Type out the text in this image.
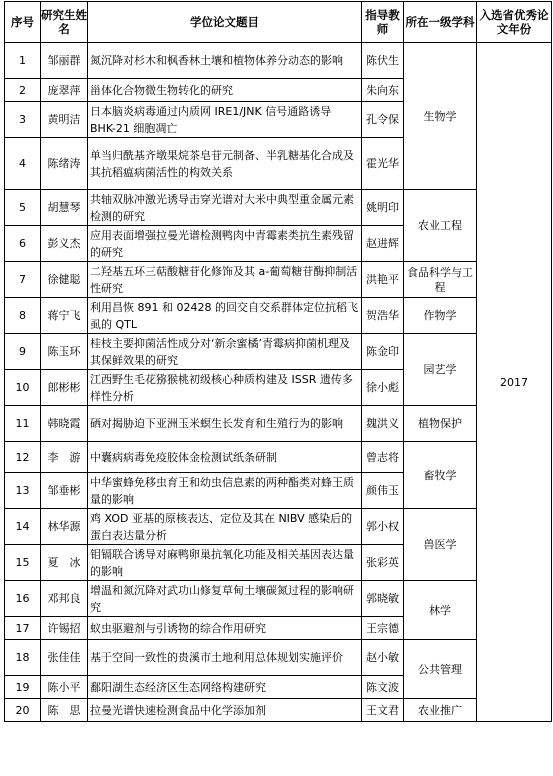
序号	研究生姓名	学位论文题目	指导教师	所在一级学科	入选省优秀论文年份
1	邹丽群	氮沉降对杉木和枫香林土壤和植物体养分动态的影响	陈伏生	生物学	2017
2	庞翠萍	甾体化合物微生物转化的研究	朱向东		
3	黄明洁	日本脑炎病毒通过内质网 IRE1/JNK 信号通路诱导 BHK-21 细胞凋亡	孔令保		
4	陈绪涛	单当归酰基齐墩果烷茶皂苷元制备、半乳糖基化合成及其抗稻瘟病菌活性的构效关系	霍光华		
5	胡慧琴	共轴双脉冲激光诱导击穿光谱对大米中典型重金属元素检测的研究	姚明印	农业工程	
6	彭义杰	应用表面增强拉曼光谱检测鸭肉中青霉素类抗生素残留的研究	赵进辉		
7	徐健聪	二羟基五环三萜酸糖苷化修饰及其 a-葡萄糖苷酶抑制活性研究	洪艳平	食品科学与工程	
8	蒋宁飞	利用昌恢 891 和 02428 的回交自交系群体定位抗稻飞虱的 QTL	贺浩华	作物学	
9	陈玉环	桂枝主要抑菌活性成分对‘新余蜜橘’青霉病抑菌机理及其保鲜效果的研究	陈金印	园艺学	
10	郎彬彬	江西野生毛花猕猴桃初级核心种质构建及 ISSR 遗传多样性分析	徐小彪		
11	韩晓霞	硒对揭胁迫下亚洲玉米螟生长发育和生殖行为的影响	魏洪义	植物保护	
12	李　游	中囊病病毒免疫胶体金检测试纸条研制	曾志将	畜牧学	
13	邹垂彬	中华蜜蜂免移虫育王和幼虫信息素的两种酯类对蜂王质量的影响	颜伟玉		
14	林华源	鸡 XOD 亚基的原核表达、定位及其在 NIBV 感染后的蛋白表达量分析	郭小权	兽医学	
15	夏　冰	钼镉联合诱导对麻鸭卵巢抗氧化功能及相关基因表达量的影响	张彩英		
16	邓邦良	增温和氮沉降对武功山修复草甸土壤碳氮过程的影响研究	郭晓敏	林学	
17	许锡招	蚁虫驱避剂与引诱物的综合作用研究	王宗德		
18	张佳佳	基于空间一致性的贵溪市土地利用总体规划实施评价	赵小敏	公共管理	
19	陈小平	鄱阳湖生态经济区生态网络构建研究	陈文波		
20	陈　思	拉曼光谱快速检测食品中化学添加剂	王文君	农业推广	
